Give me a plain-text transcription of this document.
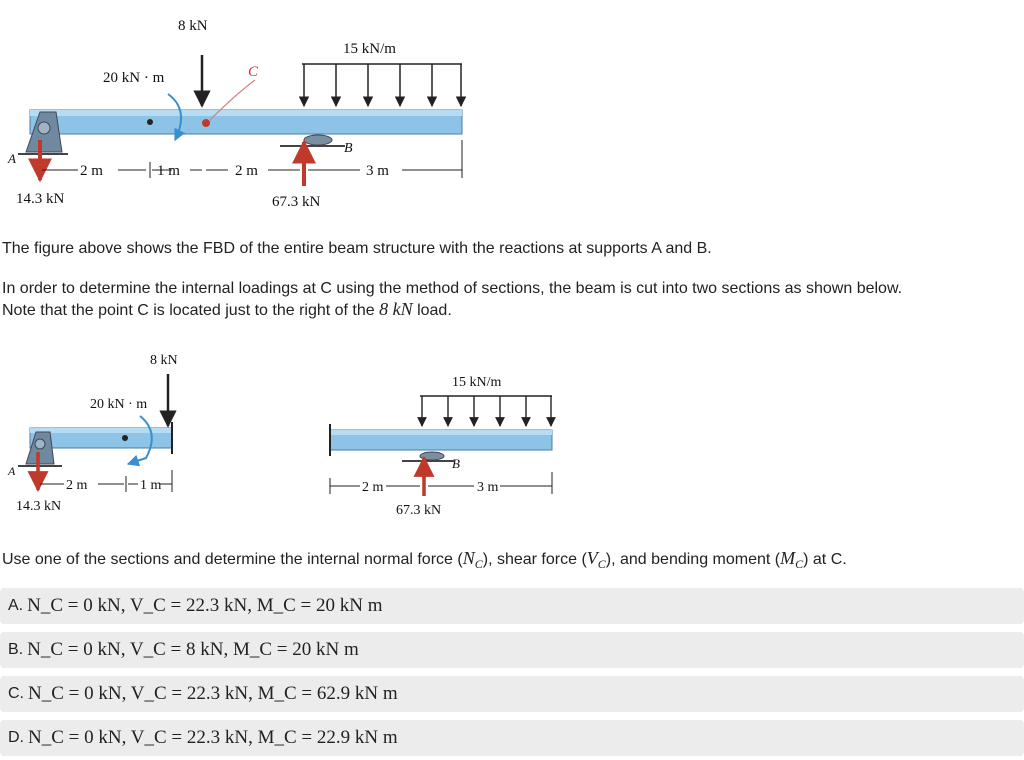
A
14.3 kN
8 kN
20 kN · m	C
15 kN/m
B
67.3 kN
2 m	1 m	2 m	3 m
The figure above shows the FBD of the entire beam structure with the reactions at supports A and B.
In order to determine the internal loadings at C using the method of sections, the beam is cut into two sections as shown below.
Note that the point C is located just to the right of the 8 kN load.
A
14.3 kN
8 kN
20 kN · m
2 m	1 m
15 kN/m
B
67.3 kN
2 m	3 m
Use one of the sections and determine the internal normal force $(N_C)$, shear force $(V_C)$, and bending moment $(M_C)$ at C.
A. N_C = 0 kN, V_C = 22.3 kN, M_C = 20 kN m
B. N_C = 0 kN, V_C = 8 kN, M_C = 20 kN m
C. N_C = 0 kN, V_C = 22.3 kN, M_C = 62.9 kN m
D. N_C = 0 kN, V_C = 22.3 kN, M_C = 22.9 kN m
